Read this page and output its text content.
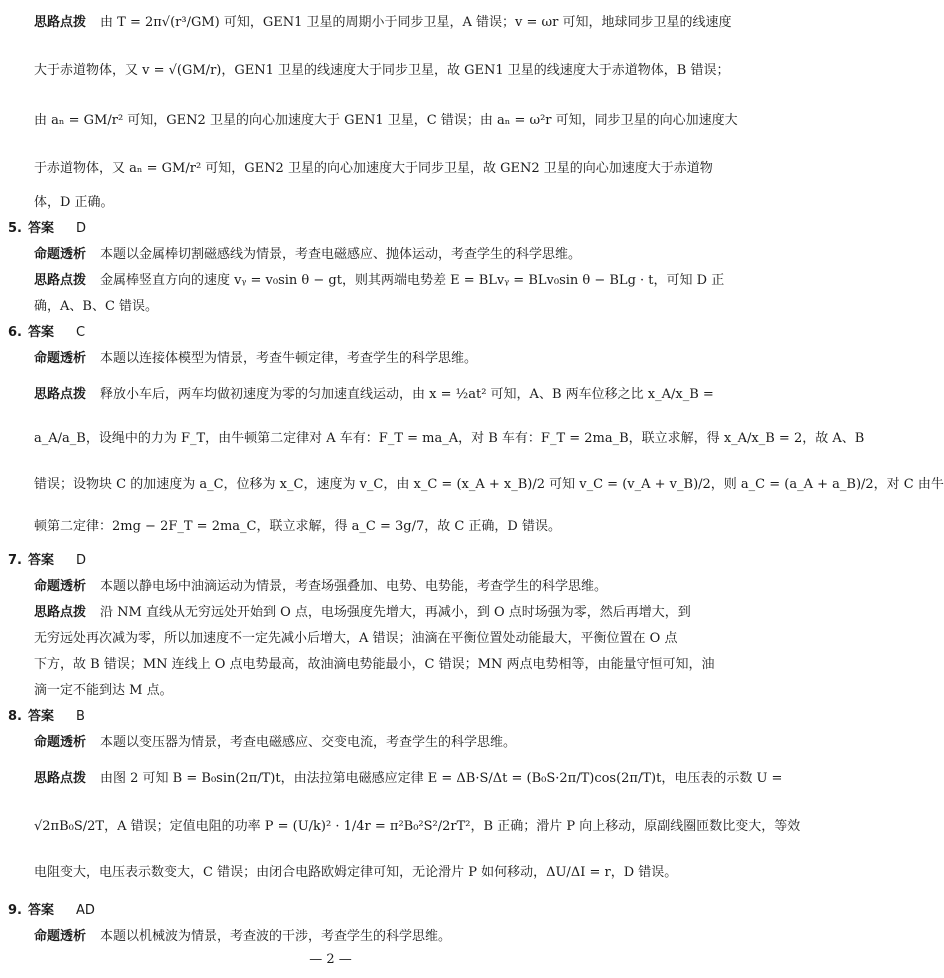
思路点拨 由 T = 2π√(r³/GM) 可知，GEN1 卫星的周期小于同步卫星，A 错误；v = ωr 可知，地球同步卫星的线速度
大于赤道物体，又 v = √(GM/r)，GEN1 卫星的线速度大于同步卫星，故 GEN1 卫星的线速度大于赤道物体，B 错误；
由 aₙ = GM/r² 可知，GEN2 卫星的向心加速度大于 GEN1 卫星，C 错误；由 aₙ = ω²r 可知，同步卫星的向心加速度大
于赤道物体，又 aₙ = GM/r² 可知，GEN2 卫星的向心加速度大于同步卫星，故 GEN2 卫星的向心加速度大于赤道物
体，D 正确。
5. 答案 D
命题透析 本题以金属棒切割磁感线为情景，考查电磁感应、抛体运动，考查学生的科学思维。
思路点拨 金属棒竖直方向的速度 vᵧ = v₀sin θ − gt，则其两端电势差 E = BLvᵧ = BLv₀sin θ − BLg · t，可知 D 正
确，A、B、C 错误。
6. 答案 C
命题透析 本题以连接体模型为情景，考查牛顿定律，考查学生的科学思维。
思路点拨 释放小车后，两车均做初速度为零的匀加速直线运动，由 x = ½at² 可知，A、B 两车位移之比 x_A/x_B =
a_A/a_B，设绳中的力为 F_T，由牛顿第二定律对 A 车有：F_T = ma_A，对 B 车有：F_T = 2ma_B，联立求解，得 x_A/x_B = 2，故 A、B
错误；设物块 C 的加速度为 a_C，位移为 x_C，速度为 v_C，由 x_C = (x_A + x_B)/2 可知 v_C = (v_A + v_B)/2，则 a_C = (a_A + a_B)/2，对 C 由牛
顿第二定律：2mg − 2F_T = 2ma_C，联立求解，得 a_C = 3g/7，故 C 正确，D 错误。
7. 答案 D
命题透析 本题以静电场中油滴运动为情景，考查场强叠加、电势、电势能，考查学生的科学思维。
思路点拨 沿 NM 直线从无穷远处开始到 O 点，电场强度先增大，再减小，到 O 点时场强为零，然后再增大，到
无穷远处再次减为零，所以加速度不一定先减小后增大，A 错误；油滴在平衡位置处动能最大，平衡位置在 O 点
下方，故 B 错误；MN 连线上 O 点电势最高，故油滴电势能最小，C 错误；MN 两点电势相等，由能量守恒可知，油
滴一定不能到达 M 点。
8. 答案 B
命题透析 本题以变压器为情景，考查电磁感应、交变电流，考查学生的科学思维。
思路点拨 由图 2 可知 B = B₀sin(2π/T)t，由法拉第电磁感应定律 E = ΔB·S/Δt = (B₀S·2π/T)cos(2π/T)t，电压表的示数 U =
√2πB₀S/2T，A 错误；定值电阻的功率 P = (U/k)² · 1/4r = π²B₀²S²/2rT²，B 正确；滑片 P 向上移动，原副线圈匝数比变大，等效
电阻变大，电压表示数变大，C 错误；由闭合电路欧姆定律可知，无论滑片 P 如何移动，ΔU/ΔI = r，D 错误。
9. 答案 AD
命题透析 本题以机械波为情景，考查波的干涉，考查学生的科学思维。
— 2 —
